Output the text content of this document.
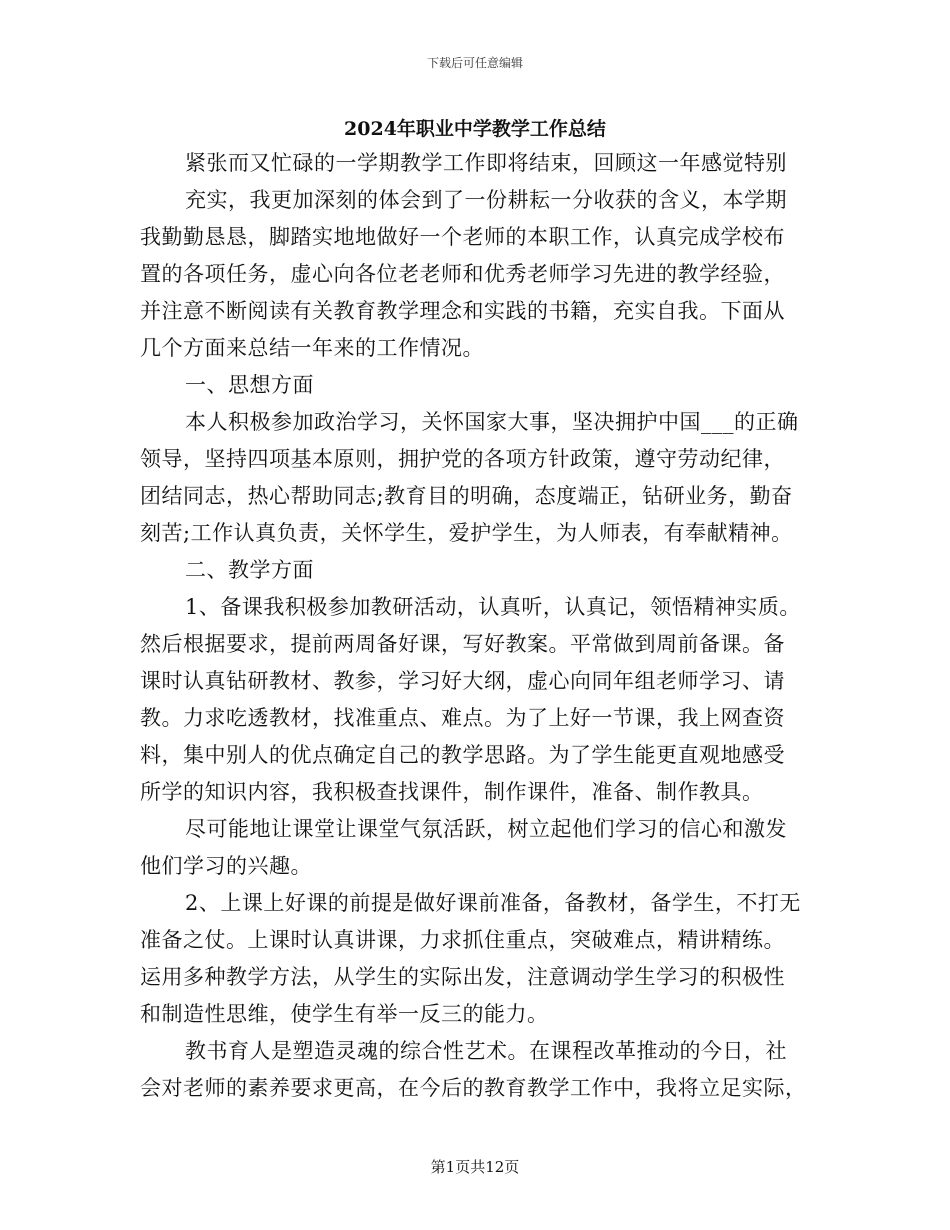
下载后可任意编辑
2024年职业中学教学工作总结
紧张而又忙碌的一学期教学工作即将结束，回顾这一年感觉特别
充实，我更加深刻的体会到了一份耕耘一分收获的含义，本学期
我勤勤恳恳，脚踏实地地做好一个老师的本职工作，认真完成学校布
置的各项任务，虚心向各位老老师和优秀老师学习先进的教学经验，
并注意不断阅读有关教育教学理念和实践的书籍，充实自我。下面从
几个方面来总结一年来的工作情况。
一、思想方面
本人积极参加政治学习，关怀国家大事，坚决拥护中国___的正确
领导，坚持四项基本原则，拥护党的各项方针政策，遵守劳动纪律，
团结同志，热心帮助同志;教育目的明确，态度端正，钻研业务，勤奋
刻苦;工作认真负责，关怀学生，爱护学生，为人师表，有奉献精神。
二、教学方面
1、备课我积极参加教研活动，认真听，认真记，领悟精神实质。
然后根据要求，提前两周备好课，写好教案。平常做到周前备课。备
课时认真钻研教材、教参，学习好大纲，虚心向同年组老师学习、请
教。力求吃透教材，找准重点、难点。为了上好一节课，我上网查资
料，集中别人的优点确定自己的教学思路。为了学生能更直观地感受
所学的知识内容，我积极查找课件，制作课件，准备、制作教具。
尽可能地让课堂让课堂气氛活跃，树立起他们学习的信心和激发
他们学习的兴趣。
2、上课上好课的前提是做好课前准备，备教材，备学生，不打无
准备之仗。上课时认真讲课，力求抓住重点，突破难点，精讲精练。
运用多种教学方法，从学生的实际出发，注意调动学生学习的积极性
和制造性思维，使学生有举一反三的能力。
教书育人是塑造灵魂的综合性艺术。在课程改革推动的今日，社
会对老师的素养要求更高，在今后的教育教学工作中，我将立足实际，
第1页共12页
